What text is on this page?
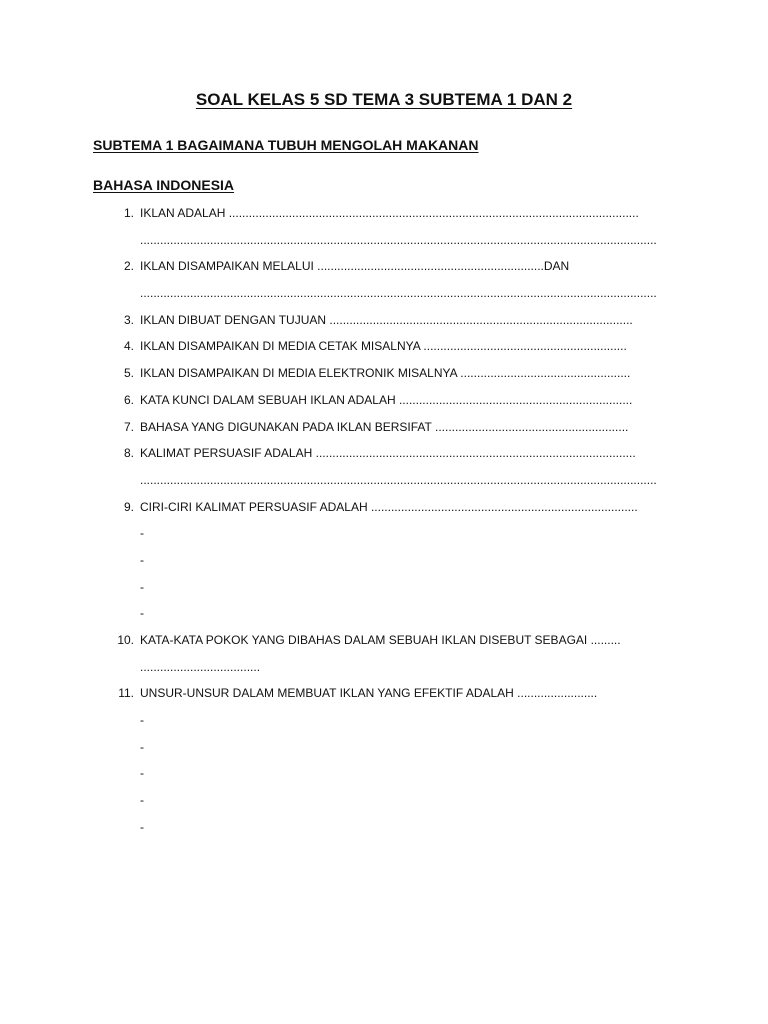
SOAL KELAS 5 SD TEMA 3 SUBTEMA 1 DAN 2
SUBTEMA 1 BAGAIMANA TUBUH MENGOLAH MAKANAN
BAHASA INDONESIA
1. IKLAN ADALAH ...........................................................................................................................
...........................................................................................................................................................
2. IKLAN DISAMPAIKAN MELALUI ....................................................................DAN
...........................................................................................................................................................
3. IKLAN DIBUAT DENGAN TUJUAN ...........................................................................................
4. IKLAN DISAMPAIKAN DI MEDIA CETAK MISALNYA .............................................................
5. IKLAN DISAMPAIKAN DI MEDIA ELEKTRONIK MISALNYA ...................................................
6. KATA KUNCI DALAM SEBUAH IKLAN ADALAH ......................................................................
7. BAHASA YANG DIGUNAKAN PADA IKLAN BERSIFAT ..........................................................
8. KALIMAT PERSUASIF ADALAH ................................................................................................
...........................................................................................................................................................
9. CIRI-CIRI KALIMAT PERSUASIF ADALAH ................................................................................
-
-
-
-
10. KATA-KATA POKOK YANG DIBAHAS DALAM SEBUAH IKLAN DISEBUT SEBAGAI .........
....................................
11. UNSUR-UNSUR DALAM MEMBUAT IKLAN YANG EFEKTIF ADALAH ........................
-
-
-
-
-
